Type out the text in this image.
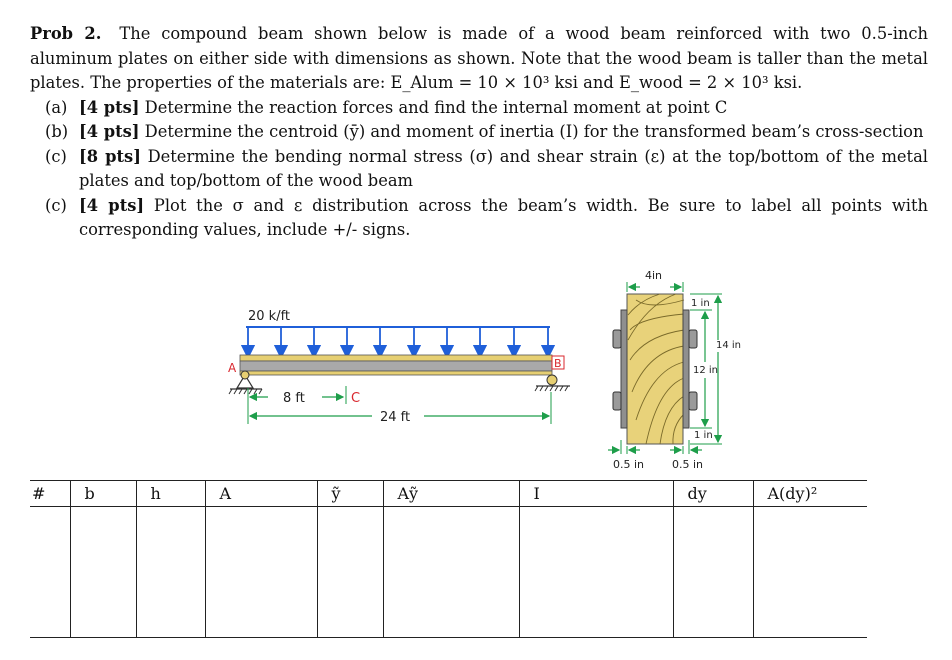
Prob 2. The compound beam shown below is made of a wood beam reinforced with two 0.5-inch aluminum plates on either side with dimensions as shown. Note that the wood beam is taller than the metal plates. The properties of the materials are: E_Alum = 10 × 10³ ksi and E_wood = 2 × 10³ ksi.

(a) [4 pts] Determine the reaction forces and find the internal moment at point C
(b) [4 pts] Determine the centroid (ȳ) and moment of inertia (I) for the transformed beam’s cross-section
(c) [8 pts] Determine the bending normal stress (σ) and shear strain (ε) at the top/bottom of the metal plates and top/bottom of the wood beam
(c) [4 pts] Plot the σ and ε distribution across the beam’s width. Be sure to label all points with corresponding values, include +/- signs.
20 k/ft
A	B
8 ft	C
24 ft
4in
14 in
12 in
1 in
1 in
0.5 in	0.5 in
#	b	h	A	ỹ	Aỹ	I	dy	A(dy)²
